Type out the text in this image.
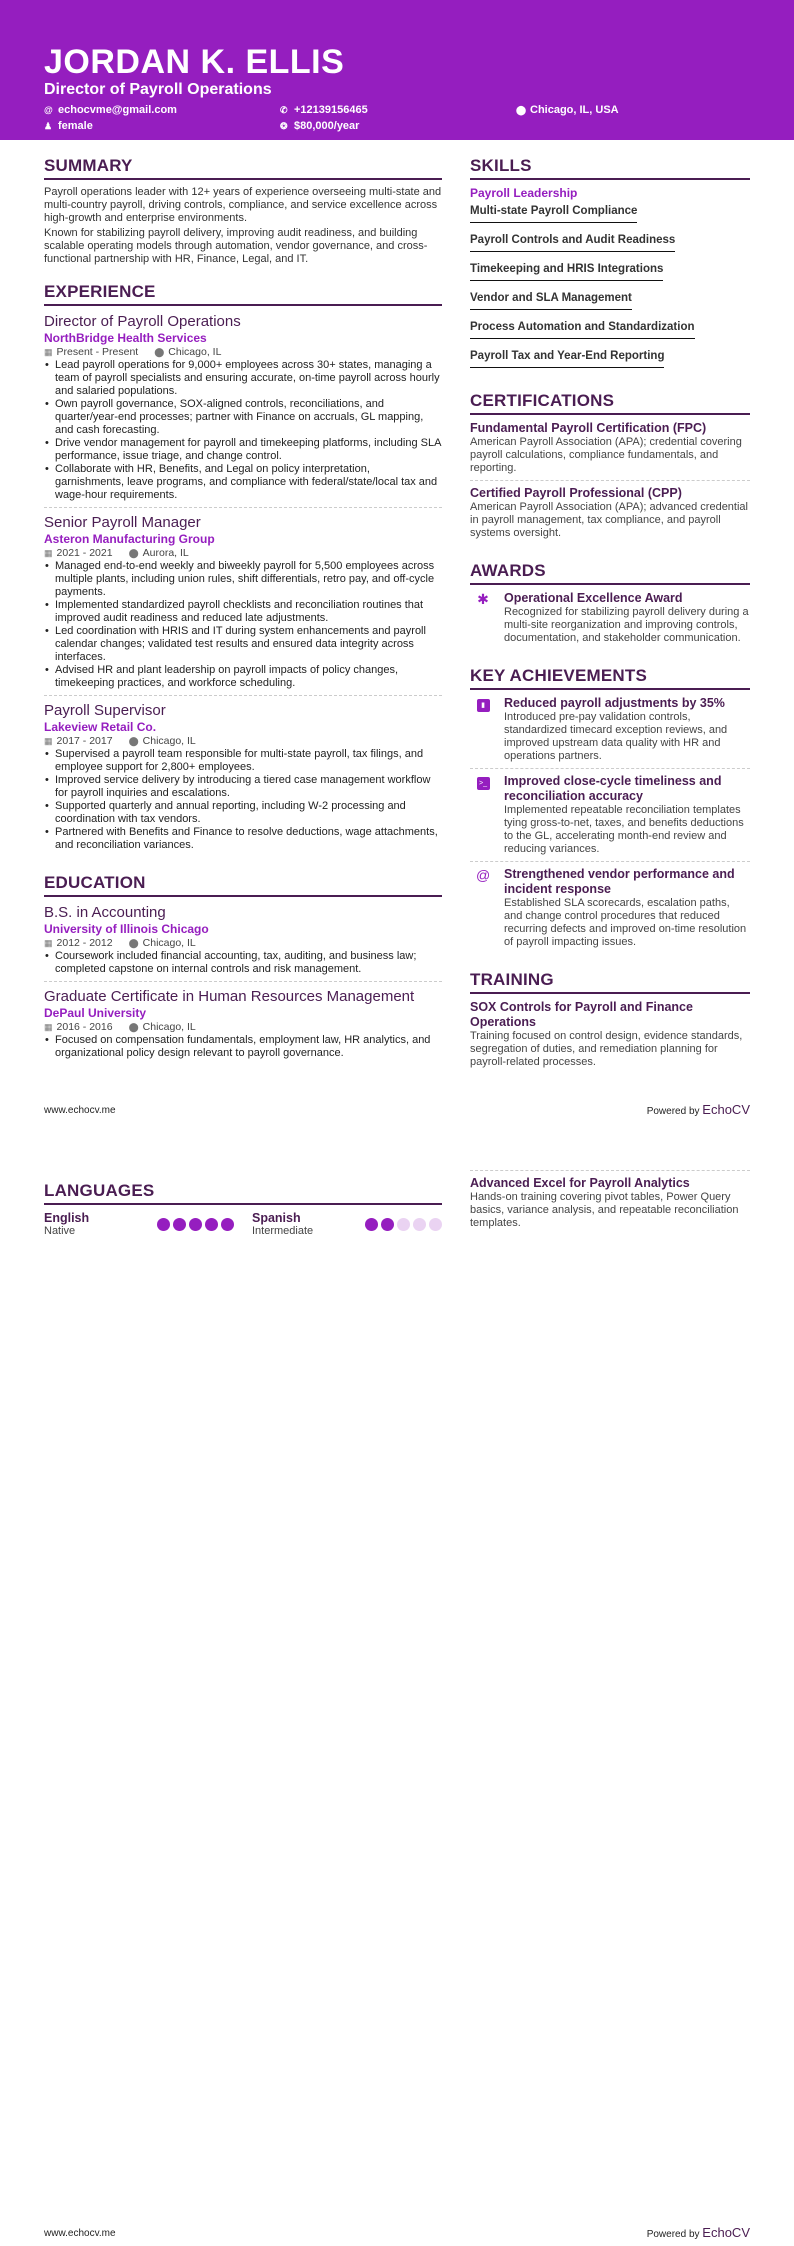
JORDAN K. ELLIS
Director of Payroll Operations
@ echocvme@gmail.com	✆ +12139156465	⬤ Chicago, IL, USA
♟ female	❂ $80,000/year
SUMMARY
Payroll operations leader with 12+ years of experience overseeing multi-state and multi-country payroll, driving controls, compliance, and service excellence across high-growth and enterprise environments.
Known for stabilizing payroll delivery, improving audit readiness, and building scalable operating models through automation, vendor governance, and cross-functional partnership with HR, Finance, Legal, and IT.
EXPERIENCE
Director of Payroll Operations
NorthBridge Health Services
▦ Present - Present ⬤ Chicago, IL
• Lead payroll operations for 9,000+ employees across 30+ states, managing a team of payroll specialists and ensuring accurate, on-time payroll across hourly and salaried populations.
• Own payroll governance, SOX-aligned controls, reconciliations, and quarter/year-end processes; partner with Finance on accruals, GL mapping, and cash forecasting.
• Drive vendor management for payroll and timekeeping platforms, including SLA performance, issue triage, and change control.
• Collaborate with HR, Benefits, and Legal on policy interpretation, garnishments, leave programs, and compliance with federal/state/local tax and wage-hour requirements.
Senior Payroll Manager
Asteron Manufacturing Group
▦ 2021 - 2021 ⬤ Aurora, IL
• Managed end-to-end weekly and biweekly payroll for 5,500 employees across multiple plants, including union rules, shift differentials, retro pay, and off-cycle payments.
• Implemented standardized payroll checklists and reconciliation routines that improved audit readiness and reduced late adjustments.
• Led coordination with HRIS and IT during system enhancements and payroll calendar changes; validated test results and ensured data integrity across interfaces.
• Advised HR and plant leadership on payroll impacts of policy changes, timekeeping practices, and workforce scheduling.
Payroll Supervisor
Lakeview Retail Co.
▦ 2017 - 2017 ⬤ Chicago, IL
• Supervised a payroll team responsible for multi-state payroll, tax filings, and employee support for 2,800+ employees.
• Improved service delivery by introducing a tiered case management workflow for payroll inquiries and escalations.
• Supported quarterly and annual reporting, including W-2 processing and coordination with tax vendors.
• Partnered with Benefits and Finance to resolve deductions, wage attachments, and reconciliation variances.
EDUCATION
B.S. in Accounting
University of Illinois Chicago
▦ 2012 - 2012 ⬤ Chicago, IL
• Coursework included financial accounting, tax, auditing, and business law; completed capstone on internal controls and risk management.
Graduate Certificate in Human Resources Management
DePaul University
▦ 2016 - 2016 ⬤ Chicago, IL
• Focused on compensation fundamentals, employment law, HR analytics, and organizational policy design relevant to payroll governance.
SKILLS
Payroll Leadership
Multi-state Payroll Compliance
Payroll Controls and Audit Readiness
Timekeeping and HRIS Integrations
Vendor and SLA Management
Process Automation and Standardization
Payroll Tax and Year-End Reporting
CERTIFICATIONS
Fundamental Payroll Certification (FPC)
American Payroll Association (APA); credential covering payroll calculations, compliance fundamentals, and reporting.
Certified Payroll Professional (CPP)
American Payroll Association (APA); advanced credential in payroll management, tax compliance, and payroll systems oversight.
AWARDS
✱ Operational Excellence Award
Recognized for stabilizing payroll delivery during a multi-site reorganization and improving controls, documentation, and stakeholder communication.
KEY ACHIEVEMENTS
▮	Reduced payroll adjustments by 35%
Introduced pre-pay validation controls, standardized timecard exception reviews, and improved upstream data quality with HR and operations partners.
>_ Improved close-cycle timeliness and reconciliation accuracy
Implemented repeatable reconciliation templates tying gross-to-net, taxes, and benefits deductions to the GL, accelerating month-end review and reducing variances.
@ Strengthened vendor performance and incident response
Established SLA scorecards, escalation paths, and change control procedures that reduced recurring defects and improved on-time resolution of payroll impacting issues.
TRAINING
SOX Controls for Payroll and Finance Operations
Training focused on control design, evidence standards, segregation of duties, and remediation planning for payroll-related processes.
www.echocv.me	Powered by EchoCV
LANGUAGES
English
Native
Spanish
Intermediate
Advanced Excel for Payroll Analytics
Hands-on training covering pivot tables, Power Query basics, variance analysis, and repeatable reconciliation templates.
www.echocv.me	Powered by EchoCV
